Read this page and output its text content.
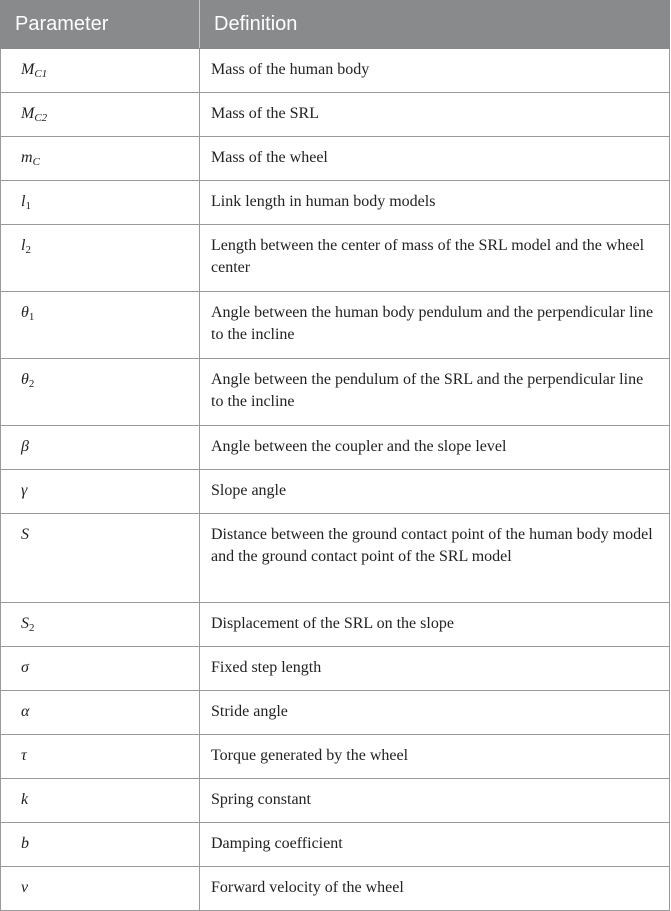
Parameter	Definition
$M_{C1}$	Mass of the human body
$M_{C2}$	Mass of the SRL
$m_C$	Mass of the wheel
$l_1$	Link length in human body models
$l_2$	Length between the center of mass of the SRL model and the wheel center
$\theta_1$	Angle between the human body pendulum and the perpendicular line to the incline
$\theta_2$	Angle between the pendulum of the SRL and the perpendicular line to the incline
β	Angle between the coupler and the slope level
γ	Slope angle
S	Distance between the ground contact point of the human body model and the ground contact point of the SRL model
$S_2$	Displacement of the SRL on the slope
σ	Fixed step length
α	Stride angle
τ	Torque generated by the wheel
k	Spring constant
b	Damping coefficient
v	Forward velocity of the wheel
